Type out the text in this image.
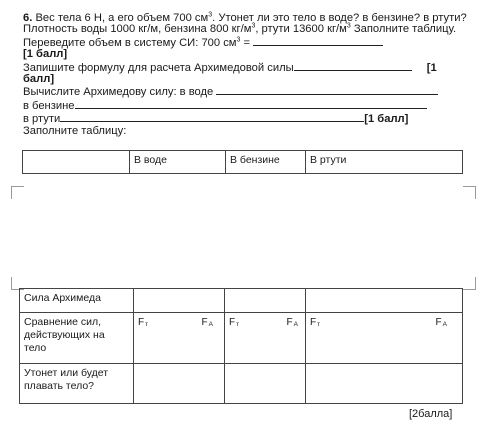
6. Вес тела 6 Н, а его объем 700 $см^3$. Утонет ли это тело в воде? в бензине? в ртути? Плотность воды 1000 кг/м, бензина 800 $кг/м^3$, ртути 13600 $кг/м^3$ Заполните таблицу. Переведите объем в систему СИ: 700 $см^3$ =

[1 балл]

Запишите формулу для расчета Архимедовой силы	[1

балл]

Вычислите Архимедову силу: в воде

в бензине

в ртути	[1 балл]

Заполните таблицу:

	В воде	В бензине	В ртути
Сила Архимеда			
Сравнение сил, действующих на тело	Fт FА	Fт FА	Fт FА

Утонет или будет плавать тело?			
[2балла]
